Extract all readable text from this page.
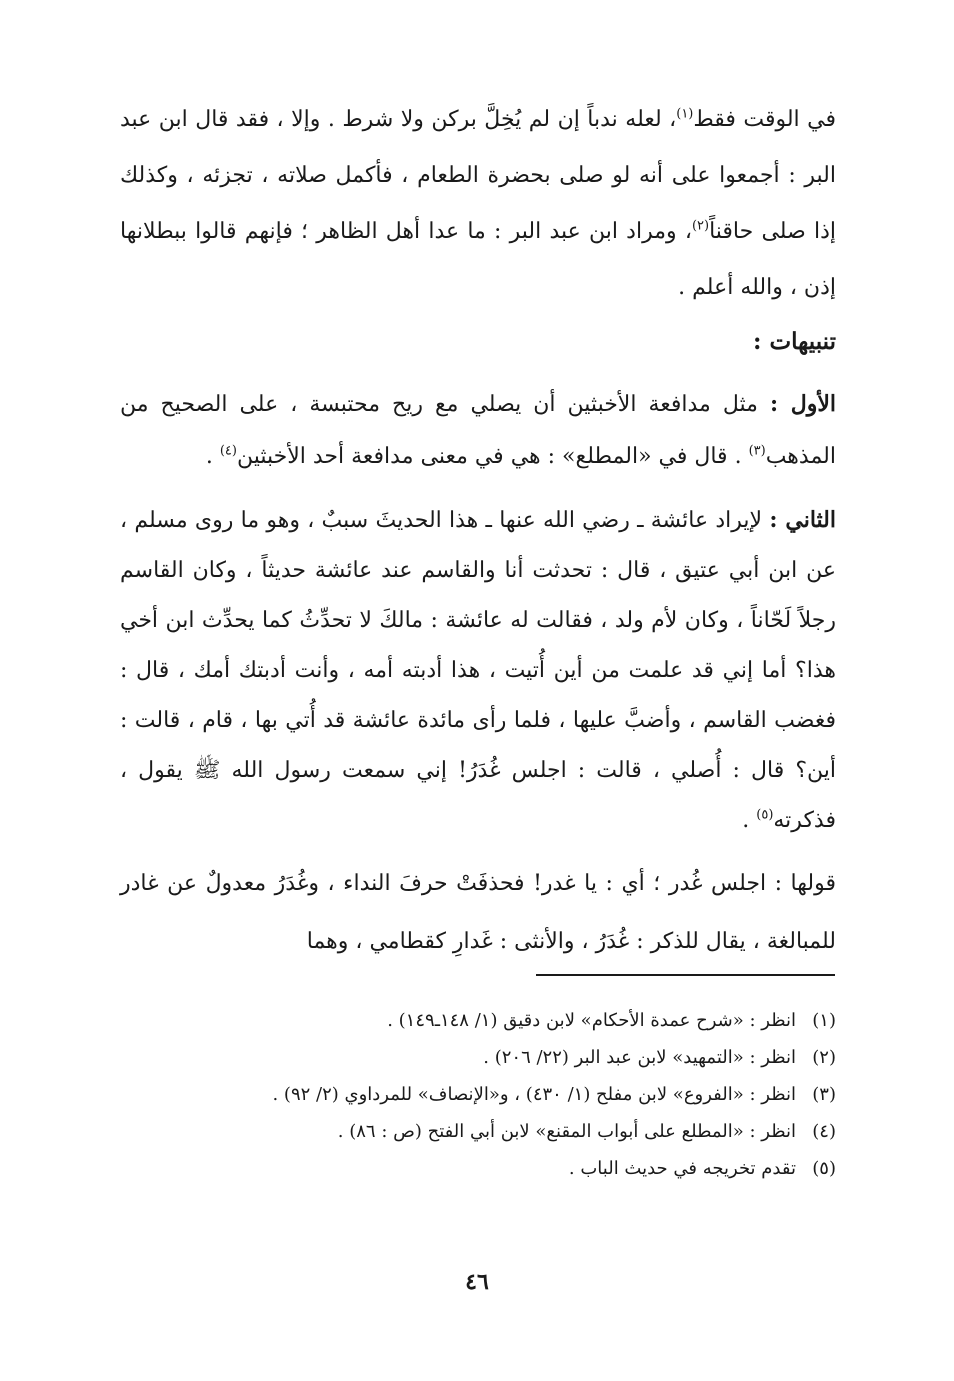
في الوقت فقط$^{(١)}$، لعله ندباً إن لم يُخِلَّ بركن ولا شرط . وإلا ، فقد قال ابن عبد البر : أجمعوا على أنه لو صلى بحضرة الطعام ، فأكمل صلاته ، تجزئه ، وكذلك إذا صلى حاقناً$^{(٢)}$، ومراد ابن عبد البر : ما عدا أهل الظاهر ؛ فإنهم قالوا ببطلانها إذن ، والله أعلم .
تنبيهات :
الأول : مثل مدافعة الأخبثين أن يصلي مع ريح محتبسة ، على الصحيح من المذهب$^{(٣)}$ . قال في «المطلع» : هي في معنى مدافعة أحد الأخبثين$^{(٤)}$ .
الثاني : لإيراد عائشة ـ رضي الله عنها ـ هذا الحديثَ سببٌ ، وهو ما روى مسلم ، عن ابن أبي عتيق ، قال : تحدثت أنا والقاسم عند عائشة حديثاً ، وكان القاسم رجلاً لَحّاناً ، وكان لأم ولد ، فقالت له عائشة : مالكَ لا تحدِّثُ كما يحدِّث ابن أخي هذا؟ أما إني قد علمت من أين أُتيت ، هذا أدبته أمه ، وأنت أدبتك أمك ، قال : فغضب القاسم ، وأضبَّ عليها ، فلما رأى مائدة عائشة قد أُتي بها ، قام ، قالت : أين؟ قال : أُصلي ، قالت : اجلس غُدَرُ! إني سمعت رسول الله ﷺ يقول ، فذكرته$^{(٥)}$ .
قولها : اجلس غُدر ؛ أي : يا غدر! فحذفَتْ حرفَ النداء ، وغُدَرُ معدولٌ عن غادر للمبالغة ، يقال للذكر : غُدَرُ ، والأنثى : غَدارِ كقطامي ، وهما
(١)
انظر : «شرح عمدة الأحكام» لابن دقيق (١/ ١٤٨ـ١٤٩) .
(٢)
انظر : «التمهيد» لابن عبد البر (٢٢/ ٢٠٦) .
(٣)
انظر : «الفروع» لابن مفلح (١/ ٤٣٠) ، و«الإنصاف» للمرداوي (٢/ ٩٢) .
(٤)
انظر : «المطلع على أبواب المقنع» لابن أبي الفتح (ص : ٨٦) .
(٥)
تقدم تخريجه في حديث الباب .
٤٦
